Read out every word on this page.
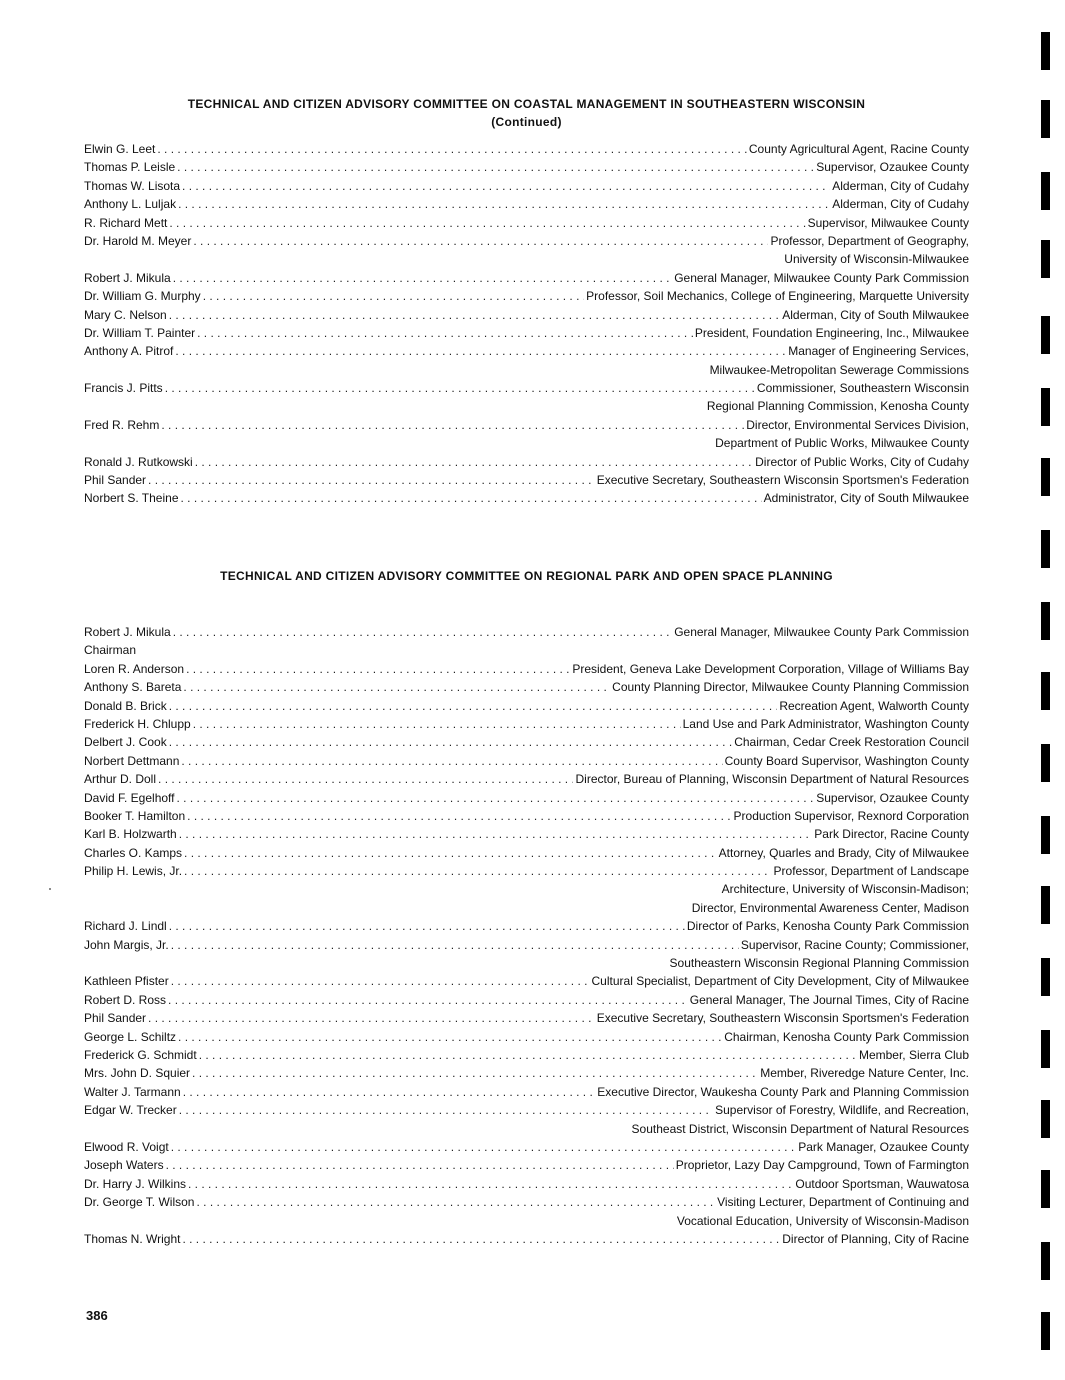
TECHNICAL AND CITIZEN ADVISORY COMMITTEE ON COASTAL MANAGEMENT IN SOUTHEASTERN WISCONSIN
(Continued)
Elwin G. Leet . . .	County Agricultural Agent, Racine County
Thomas P. Leisle . . .	Supervisor, Ozaukee County
Thomas W. Lisota . . .	Alderman, City of Cudahy
Anthony L. Luljak . . .	Alderman, City of Cudahy
R. Richard Mett . . .	Supervisor, Milwaukee County
Dr. Harold M. Meyer . . .	Professor, Department of Geography,
University of Wisconsin-Milwaukee
Robert J. Mikula . . .	General Manager, Milwaukee County Park Commission
Dr. William G. Murphy . . .	Professor, Soil Mechanics, College of Engineering, Marquette University
Mary C. Nelson . . .	Alderman, City of South Milwaukee
Dr. William T. Painter . . .	President, Foundation Engineering, Inc., Milwaukee
Anthony A. Pitrof . . .	Manager of Engineering Services,
Milwaukee-Metropolitan Sewerage Commissions
Francis J. Pitts . . .	Commissioner, Southeastern Wisconsin
Regional Planning Commission, Kenosha County
Fred R. Rehm . . .	Director, Environmental Services Division,
Department of Public Works, Milwaukee County
Ronald J. Rutkowski . . .	Director of Public Works, City of Cudahy
Phil Sander . . .	Executive Secretary, Southeastern Wisconsin Sportsmen's Federation
Norbert S. Theine . . .	Administrator, City of South Milwaukee
TECHNICAL AND CITIZEN ADVISORY COMMITTEE ON REGIONAL PARK AND OPEN SPACE PLANNING
Robert J. Mikula . . .	General Manager, Milwaukee County Park Commission
Chairman
Loren R. Anderson . . .	President, Geneva Lake Development Corporation, Village of Williams Bay
Anthony S. Bareta . . .	County Planning Director, Milwaukee County Planning Commission
Donald B. Brick . . .	Recreation Agent, Walworth County
Frederick H. Chlupp . . .	Land Use and Park Administrator, Washington County
Delbert J. Cook . . .	Chairman, Cedar Creek Restoration Council
Norbert Dettmann . . .	County Board Supervisor, Washington County
Arthur D. Doll . . .	Director, Bureau of Planning, Wisconsin Department of Natural Resources
David F. Egelhoff . . .	Supervisor, Ozaukee County
Booker T. Hamilton . . .	Production Supervisor, Rexnord Corporation
Karl B. Holzwarth . . .	Park Director, Racine County
Charles O. Kamps . . .	Attorney, Quarles and Brady, City of Milwaukee
Philip H. Lewis, Jr. . . .	Professor, Department of Landscape
Architecture, University of Wisconsin-Madison;
Director, Environmental Awareness Center, Madison
Richard J. Lindl . . .	Director of Parks, Kenosha County Park Commission
John Margis, Jr. . . .	Supervisor, Racine County; Commissioner,
Southeastern Wisconsin Regional Planning Commission
Kathleen Pfister . . .	Cultural Specialist, Department of City Development, City of Milwaukee
Robert D. Ross . . .	General Manager, The Journal Times, City of Racine
Phil Sander . . .	Executive Secretary, Southeastern Wisconsin Sportsmen's Federation
George L. Schiltz . . .	Chairman, Kenosha County Park Commission
Frederick G. Schmidt . . .	Member, Sierra Club
Mrs. John D. Squier . . .	Member, Riveredge Nature Center, Inc.
Walter J. Tarmann . . .	Executive Director, Waukesha County Park and Planning Commission
Edgar W. Trecker . . .	Supervisor of Forestry, Wildlife, and Recreation,
Southeast District, Wisconsin Department of Natural Resources
Elwood R. Voigt . . .	Park Manager, Ozaukee County
Joseph Waters . . .	Proprietor, Lazy Day Campground, Town of Farmington
Dr. Harry J. Wilkins . . .	Outdoor Sportsman, Wauwatosa
Dr. George T. Wilson . . .	Visiting Lecturer, Department of Continuing and
Vocational Education, University of Wisconsin-Madison
Thomas N. Wright . . .	Director of Planning, City of Racine
386
